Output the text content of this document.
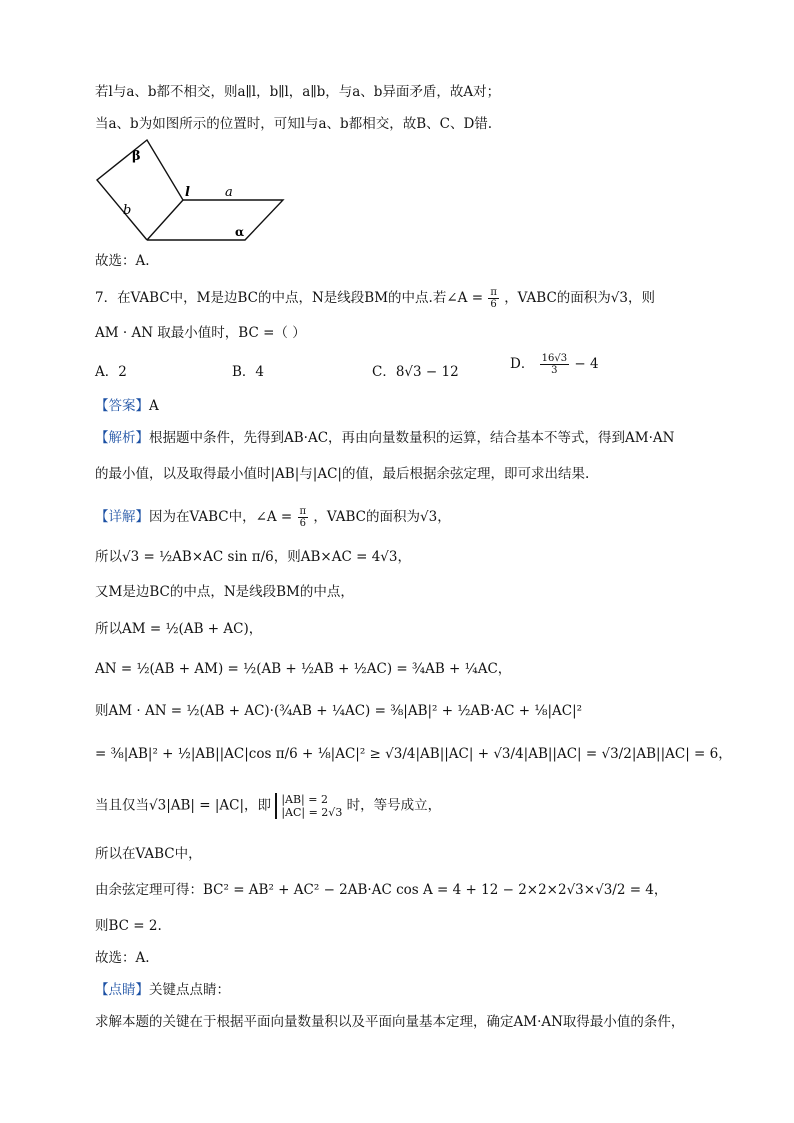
若l与a、b都不相交，则a∥l，b∥l，a∥b，与a、b异面矛盾，故A对；
当a、b为如图所示的位置时，可知l与a、b都相交，故B、C、D错.
β
b
l	a
α
故选：A.
7．在VABC中，M是边BC的中点，N是线段BM的中点.若∠A = $\frac{\pi}{6}$ ，VABC的面积为√3，则
AM · AN 取最小值时，BC =（ ）
A．2	B．4	C．8√3 − 12	D． $\frac{16√3}{3} - 4$
【答案】A
【解析】根据题中条件，先得到AB·AC，再由向量数量积的运算，结合基本不等式，得到AM·AN
的最小值，以及取得最小值时|AB|与|AC|的值，最后根据余弦定理，即可求出结果.
【详解】因为在VABC中，∠A = $\frac{\pi}{6}$ ，VABC的面积为√3，
所以√3 = ½AB×AC sin π/6，则AB×AC = 4√3，
又M是边BC的中点，N是线段BM的中点，
所以AM = ½(AB + AC)，
AN = ½(AB + AM) = ½(AB + ½AB + ½AC) = ¾AB + ¼AC，
则AM · AN = ½(AB + AC)·(¾AB + ¼AC) = ⅜|AB|² + ½AB·AC + ⅛|AC|²
= ⅜|AB|² + ½|AB||AC|cos π/6 + ⅛|AC|² ≥ √3/4|AB||AC| + √3/4|AB||AC| = √3/2|AB||AC| = 6，
当且仅当√3|AB| = |AC|，即 |AB| = 2
|AC| = 2√3 时，等号成立，
所以在VABC中，
由余弦定理可得：BC² = AB² + AC² − 2AB·AC cos A = 4 + 12 − 2×2×2√3×√3/2 = 4，
则BC = 2.
故选：A.
【点睛】关键点点睛：
求解本题的关键在于根据平面向量数量积以及平面向量基本定理，确定AM·AN取得最小值的条件，
